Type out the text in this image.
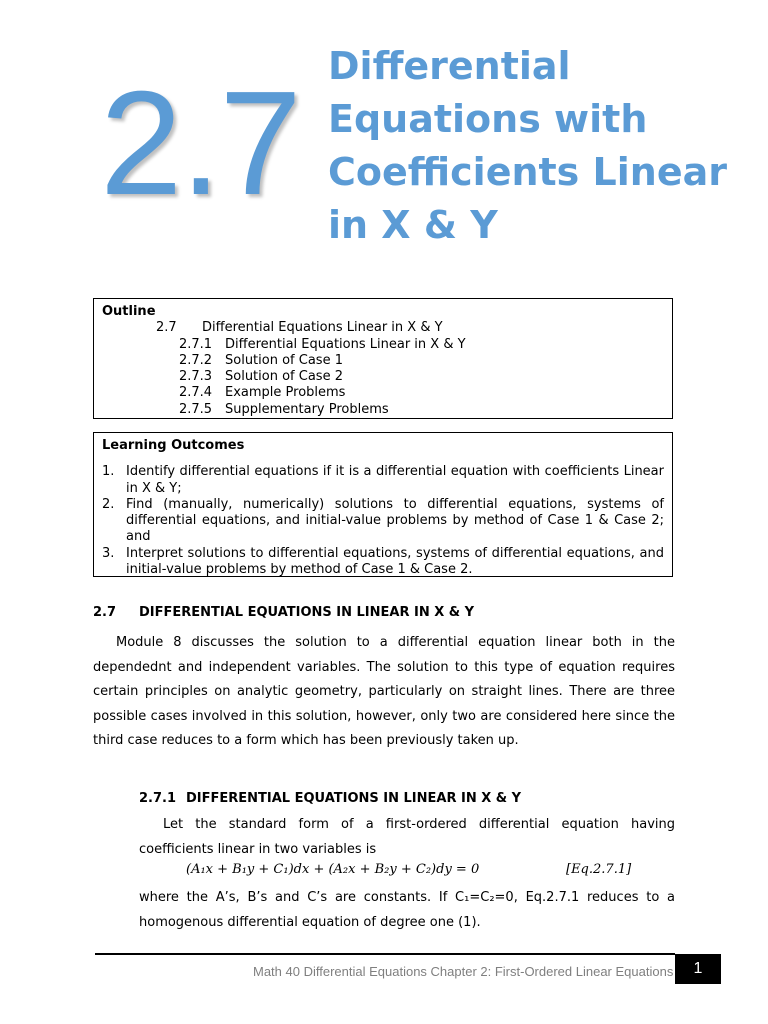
2.7 Differential
Equations with
Coefficients Linear
in X & Y
Outline
2.7 Differential Equations Linear in X & Y
2.7.1 Differential Equations Linear in X & Y
2.7.2 Solution of Case 1
2.7.3 Solution of Case 2
2.7.4 Example Problems
2.7.5 Supplementary Problems
Learning Outcomes
1. Identify differential equations if it is a differential equation with coefficients Linear in X & Y;
2. Find (manually, numerically) solutions to differential equations, systems of differential equations, and initial-value problems by method of Case 1 & Case 2; and
3. Interpret solutions to differential equations, systems of differential equations, and initial-value problems by method of Case 1 & Case 2.
2.7 DIFFERENTIAL EQUATIONS IN LINEAR IN X & Y
Module 8 discusses the solution to a differential equation linear both in the dependednt and independent variables. The solution to this type of equation requires certain principles on analytic geometry, particularly on straight lines. There are three possible cases involved in this solution, however, only two are considered here since the third case reduces to a form which has been previously taken up.
2.7.1 DIFFERENTIAL EQUATIONS IN LINEAR IN X & Y
Let the standard form of a first-ordered differential equation having coefficients linear in two variables is
(A₁x + B₁y + C₁)dx + (A₂x + B₂y + C₂)dy = 0	[Eq.2.7.1]
where the A’s, B’s and C’s are constants. If C₁=C₂=0, Eq.2.7.1 reduces to a homogenous differential equation of degree one (1).
Math 40 Differential Equations Chapter 2: First-Ordered Linear Equations	1
